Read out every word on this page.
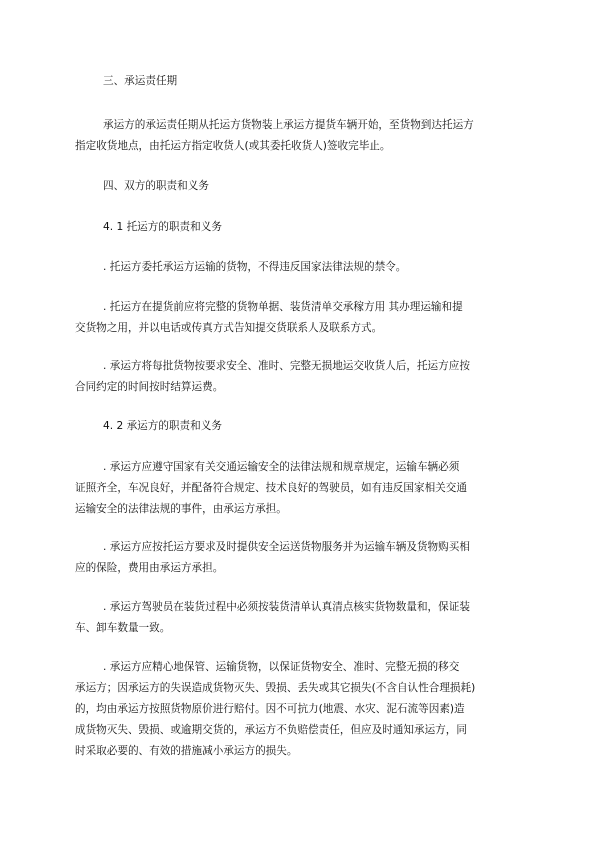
三、承运责任期

承运方的承运责任期从托运方货物装上承运方提货车辆开始，至货物到达托运方

指定收货地点，由托运方指定收货人(或其委托收货人)签收完毕止。

四、双方的职责和义务

4. 1 托运方的职责和义务

. 托运方委托承运方运输的货物，不得违反国家法律法规的禁令。

. 托运方在提货前应将完整的货物单据、装货清单交承稼方用 其办理运输和提

交货物之用，并以电话或传真方式告知提交货联系人及联系方式。

. 承运方将每批货物按要求安全、准时、完整无损地运交收货人后，托运方应按

合同约定的时间按时结算运费。

4. 2 承运方的职责和义务

. 承运方应遵守国家有关交通运输安全的法律法规和规章规定，运输车辆必须

证照齐全，车况良好，并配备符合规定、技术良好的驾驶员，如有违反国家相关交通

运输安全的法律法规的事件，由承运方承担。

. 承运方应按托运方要求及时提供安全运送货物服务并为运输车辆及货物购买相

应的保险，费用由承运方承担。

. 承运方驾驶员在装货过程中必须按装货清单认真清点核实货物数量和，保证装

车、卸车数量一致。

. 承运方应精心地保管、运输货物，以保证货物安全、准时、完整无损的移交

承运方；因承运方的失误造成货物灭失、毁损、丢失或其它损失(不含自认性合理损耗)

的，均由承运方按照货物原价进行赔付。因不可抗力(地震、水灾、泥石流等因素)造

成货物灭失、毁损、或逾期交货的，承运方不负赔偿责任，但应及时通知承运方，同

时采取必要的、有效的措施减小承运方的损失。
